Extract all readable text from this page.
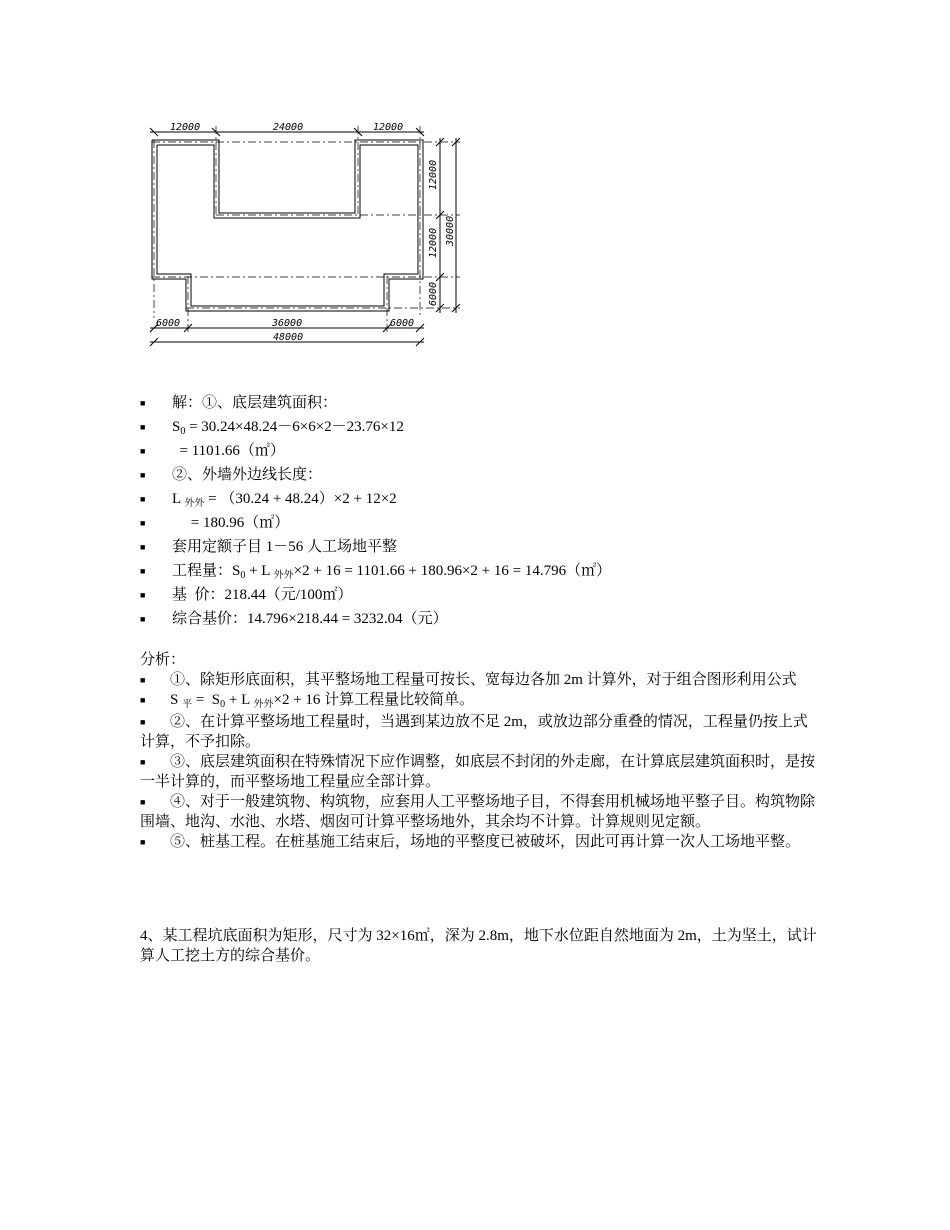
12000	24000	12000
12000
12000
6000
30000
6000	36000	6000
48000
■	解：①、底层建筑面积：
■	$S_0 = 30.24\times 48.24-6\times 6\times 2-23.76\times 12$
■	= 1101.66（㎡）
■	②、外墙外边线长度：
■	L $_{外外}$ = （30.24 + 48.24）×2 + 12×2
■	= 180.96（㎡）
■	套用定额子目 1－56 人工场地平整
■	工程量：$S_0 + L$ $_{外外}$×2 + 16 = 1101.66 + 180.96×2 + 16 = 14.796（㎡）
■	基  价：218.44（元/100㎡）
■	综合基价：14.796×218.44 = 3232.04（元）

分析：

■ ①、除矩形底面积，其平整场地工程量可按长、宽每边各加 2m 计算外，对于组合图形利用公式

■ S $_平 = S_0 + L$ $_{外外}$×2 + 16 计算工程量比较简单。

■ ②、在计算平整场地工程量时，当遇到某边放不足 2m，或放边部分重叠的情况，工程量仍按上式计算，不予扣除。

■ ③、底层建筑面积在特殊情况下应作调整，如底层不封闭的外走廊，在计算底层建筑面积时，是按一半计算的，而平整场地工程量应全部计算。

■ ④、对于一般建筑物、构筑物，应套用人工平整场地子目，不得套用机械场地平整子目。构筑物除围墙、地沟、水池、水塔、烟囱可计算平整场地外，其余均不计算。计算规则见定额。

■ ⑤、桩基工程。在桩基施工结束后，场地的平整度已被破坏，因此可再计算一次人工场地平整。

4、某工程坑底面积为矩形，尺寸为 32×16㎡，深为 2.8m，地下水位距自然地面为 2m，土为坚土，试计算人工挖土方的综合基价。
